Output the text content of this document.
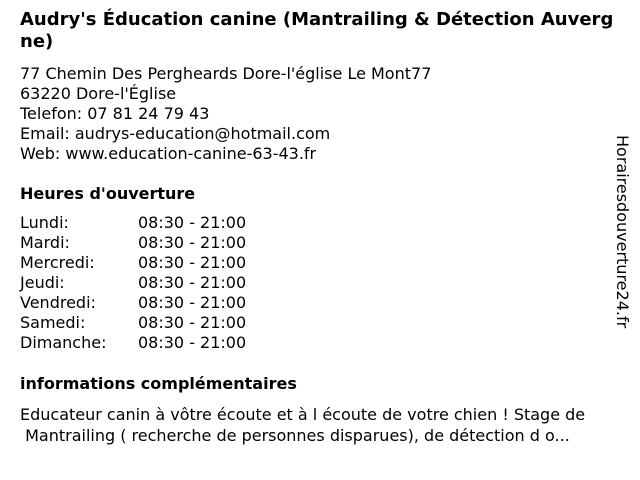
Audry's Éducation canine (Mantrailing & Détection Auvergne)
77 Chemin Des Pergheards Dore-l'église Le Mont77
63220 Dore-l'Église
Telefon: 07 81 24 79 43
Email: audrys-education@hotmail.com
Web: www.education-canine-63-43.fr
Heures d'ouverture
Lundi:	08:30 - 21:00
Mardi:	08:30 - 21:00
Mercredi:	08:30 - 21:00
Jeudi:	08:30 - 21:00
Vendredi:	08:30 - 21:00
Samedi:	08:30 - 21:00
Dimanche:	08:30 - 21:00
informations complémentaires
Educateur canin à vôtre écoute et à l écoute de votre chien ! Stage de
Mantrailing ( recherche de personnes disparues), de détection d o...
Horairesdouverture24.fr
